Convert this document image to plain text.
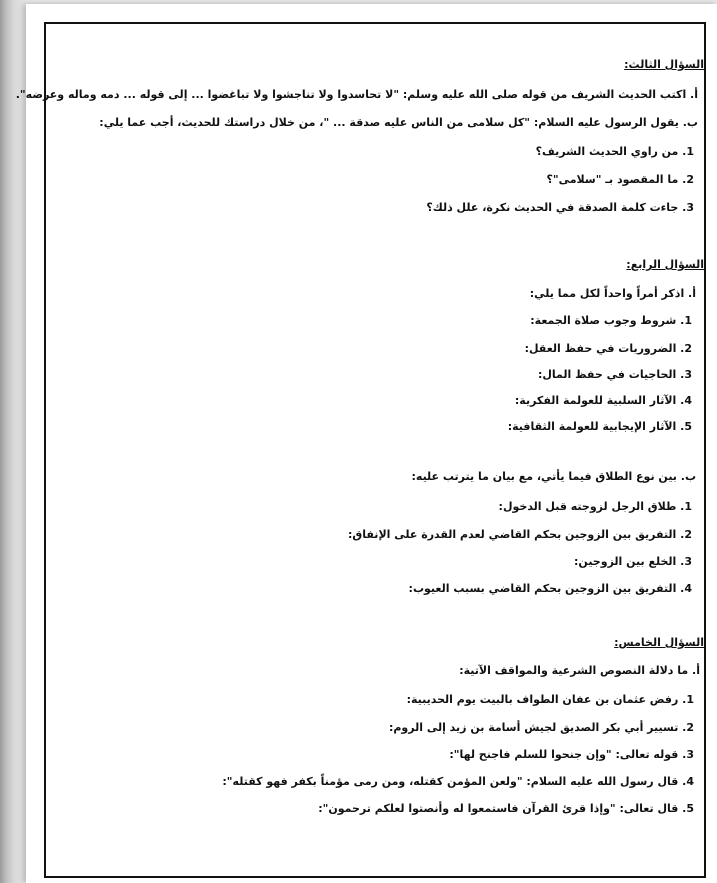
السؤال الثالث:
أ. اكتب الحديث الشريف من قوله صلى الله عليه وسلم: "لا تحاسدوا ولا تناجشوا ولا تباغضوا ... إلى قوله ... دمه وماله وعرضه".
ب. يقول الرسول عليه السلام: "كل سلامى من الناس عليه صدقة ... "، من خلال دراستك للحديث، أجب عما يلي:
1. من راوي الحديث الشريف؟
2. ما المقصود بـ "سلامى"؟
3. جاءت كلمة الصدقة في الحديث نكرة، علل ذلك؟
السؤال الرابع:
أ. اذكر أمراً واحداً لكل مما يلي:
1. شروط وجوب صلاة الجمعة:
2. الضروريات في حفظ العقل:
3. الحاجيات في حفظ المال:
4. الآثار السلبية للعولمة الفكرية:
5. الآثار الإيجابية للعولمة الثقافية:
ب. بين نوع الطلاق فيما يأتي، مع بيان ما يترتب عليه:
1. طلاق الرجل لزوجته قبل الدخول:
2. التفريق بين الزوجين بحكم القاضي لعدم القدرة على الإنفاق:
3. الخلع بين الزوجين:
4. التفريق بين الزوجين بحكم القاضي بسبب العيوب:
السؤال الخامس:
أ. ما دلالة النصوص الشرعية والمواقف الآتية:
1. رفض عثمان بن عفان الطواف بالبيت يوم الحديبية:
2. تسيير أبي بكر الصديق لجيش أسامة بن زيد إلى الروم:
3. قوله تعالى: "وإن جنحوا للسلم فاجنح لها":
4. قال رسول الله عليه السلام: "ولعن المؤمن كقتله، ومن رمى مؤمناً بكفر فهو كقتله":
5. قال تعالى: "وإذا قرئ القرآن فاستمعوا له وأنصتوا لعلكم ترحمون":
